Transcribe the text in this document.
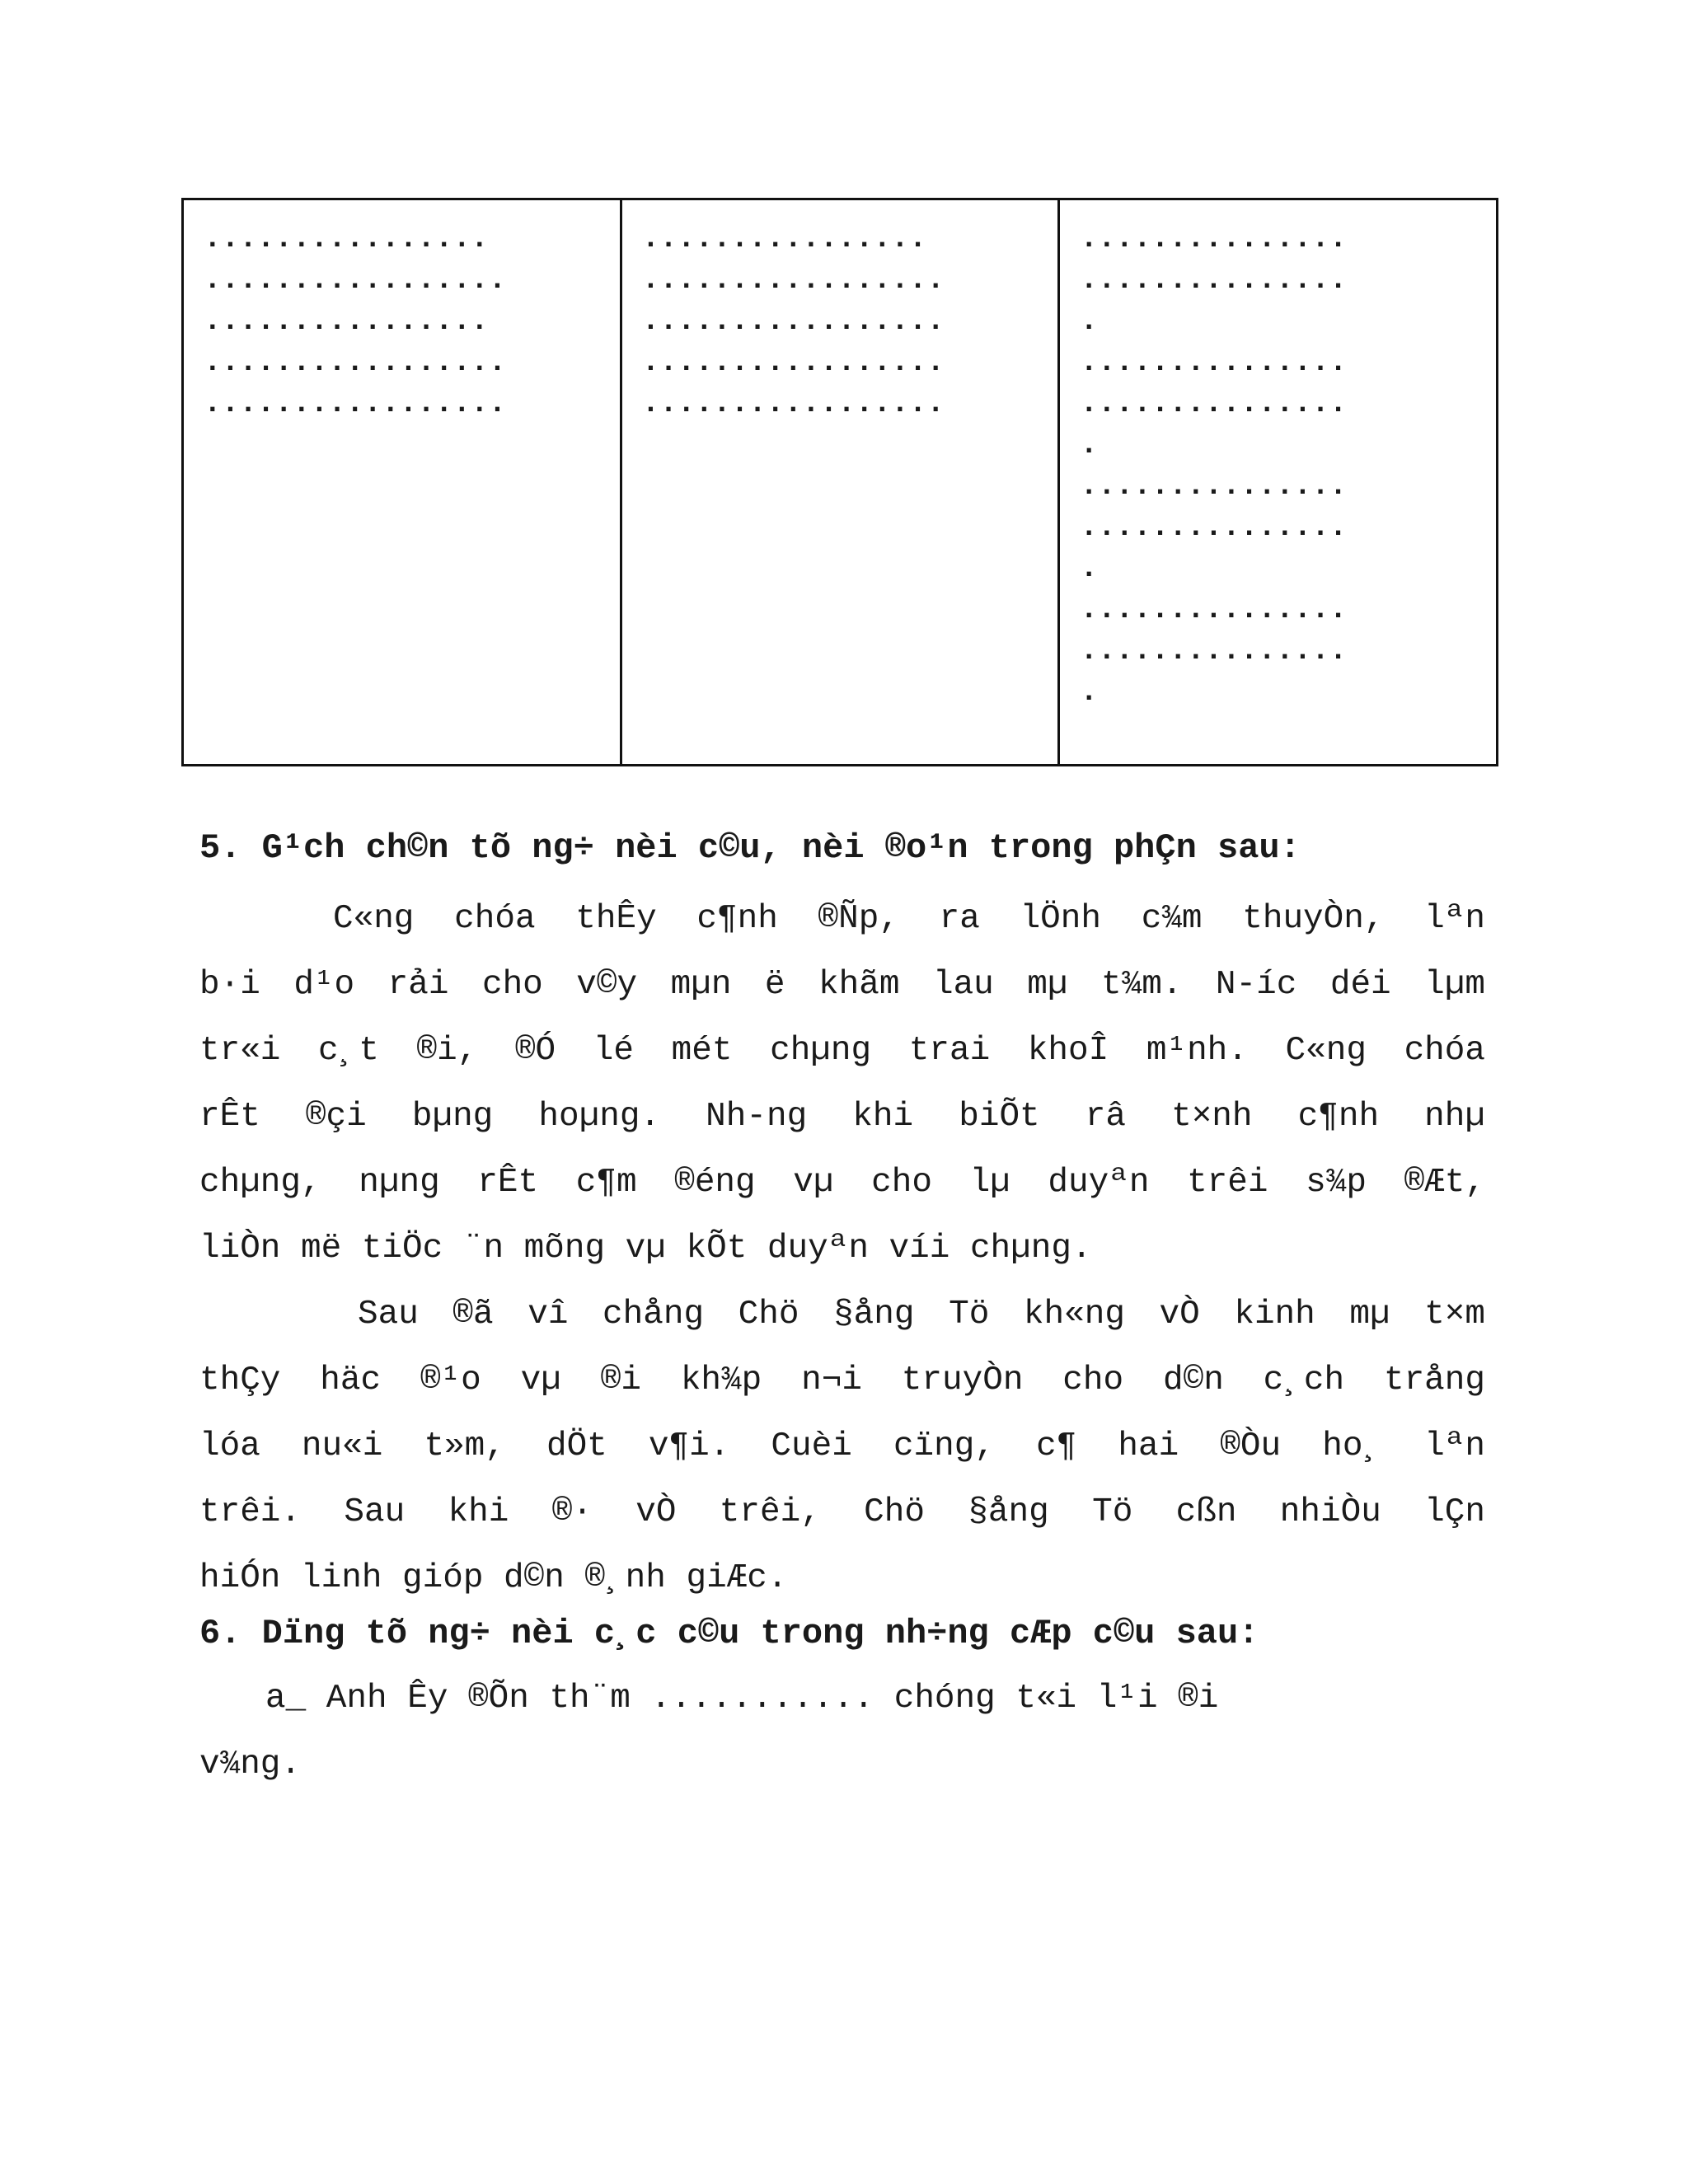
................
.................
................
.................
.................
................
.................
.................
.................
.................
...............
...............
.
...............
...............
.
...............
...............
.
...............
...............
.
5. G¹ch ch©n tõ ng÷ nèi c©u, nèi ®o¹n trong phÇn sau:
C«ng chóa thÊy c¶nh ®Ñp, ra lÖnh c¾m thuyÒn, lªn
b·i d¹o rải cho v©y mµn ë khãm lau mµ t¾m. N-íc déi lµm
tr«i c¸t ®i, ®Ó lé mét chµng trai khoÎ m¹nh. C«ng chóa
rÊt ®çi bµng hoµng. Nh-ng khi biÕt râ t×nh c¶nh nhµ
chµng, nµng rÊt c¶m ®éng vµ cho lµ duyªn trêi s¾p ®Æt,
liÒn më tiÖc ¨n mõng vµ kÕt duyªn víi chµng.
Sau ®ã vî chång Chö §ång Tö kh«ng vÒ kinh mµ t×m
thÇy häc ®¹o vµ ®i kh¾p n¬i truyÒn cho d©n c¸ch trång
lóa nu«i t»m, dÖt v¶i. Cuèi cïng, c¶ hai ®Òu ho¸ lªn
trêi. Sau khi ®· vÒ trêi, Chö §ång Tö cßn nhiÒu lÇn
hiÓn linh gióp d©n ®¸nh giÆc.
6. Dïng tõ ng÷ nèi c¸c c©u trong nh÷ng cÆp c©u sau:
a_ Anh Êy ®Õn th¨m ........... chóng t«i l¹i ®i
v¾ng.
